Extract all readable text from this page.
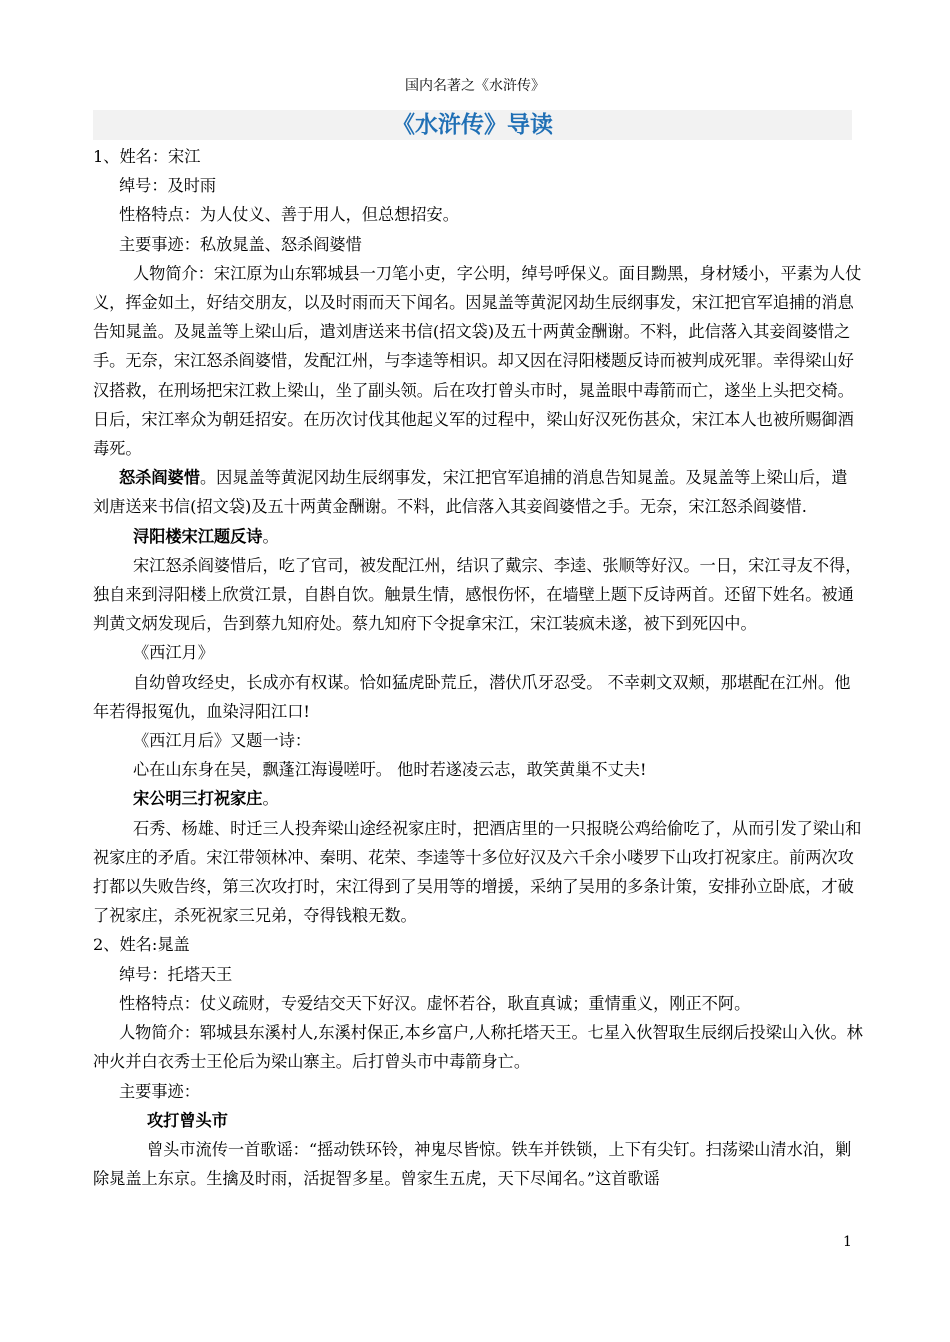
国内名著之《水浒传》
《水浒传》导读

1、姓名：宋江

绰号：及时雨

性格特点：为人仗义、善于用人，但总想招安。

主要事迹：私放晁盖、怒杀阎婆惜

人物简介：宋江原为山东郓城县一刀笔小吏，字公明，绰号呼保义。面目黝黑，身材矮小，平素为人仗义，挥金如土，好结交朋友，以及时雨而天下闻名。因晁盖等黄泥冈劫生辰纲事发，宋江把官军追捕的消息告知晁盖。及晁盖等上梁山后，遣刘唐送来书信(招文袋)及五十两黄金酬谢。不料，此信落入其妾阎婆惜之手。无奈，宋江怒杀阎婆惜，发配江州，与李逵等相识。却又因在浔阳楼题反诗而被判成死罪。幸得梁山好汉搭救，在刑场把宋江救上梁山，坐了副头领。后在攻打曾头市时，晁盖眼中毒箭而亡，遂坐上头把交椅。日后，宋江率众为朝廷招安。在历次讨伐其他起义军的过程中，梁山好汉死伤甚众，宋江本人也被所赐御酒毒死。

怒杀阎婆惜。因晁盖等黄泥冈劫生辰纲事发，宋江把官军追捕的消息告知晁盖。及晁盖等上梁山后，遣刘唐送来书信(招文袋)及五十两黄金酬谢。不料，此信落入其妾阎婆惜之手。无奈，宋江怒杀阎婆惜.

浔阳楼宋江题反诗。

宋江怒杀阎婆惜后，吃了官司，被发配江州，结识了戴宗、李逵、张顺等好汉。一日，宋江寻友不得，独自来到浔阳楼上欣赏江景，自斟自饮。触景生情，感恨伤怀，在墙壁上题下反诗两首。还留下姓名。被通判黄文炳发现后，告到蔡九知府处。蔡九知府下令捉拿宋江，宋江装疯未遂，被下到死囚中。

《西江月》

自幼曾攻经史，长成亦有权谋。恰如猛虎卧荒丘，潜伏爪牙忍受。 不幸刺文双颊，那堪配在江州。他年若得报冤仇，血染浔阳江口!

《西江月后》又题一诗：

心在山东身在吴，飘蓬江海谩嗟吁。 他时若遂凌云志，敢笑黄巢不丈夫!

宋公明三打祝家庄。

石秀、杨雄、时迁三人投奔梁山途经祝家庄时，把酒店里的一只报晓公鸡给偷吃了，从而引发了梁山和祝家庄的矛盾。宋江带领林冲、秦明、花荣、李逵等十多位好汉及六千余小喽罗下山攻打祝家庄。前两次攻打都以失败告终，第三次攻打时，宋江得到了吴用等的增援，采纳了吴用的多条计策，安排孙立卧底，才破了祝家庄，杀死祝家三兄弟，夺得钱粮无数。

2、姓名:晁盖

绰号：托塔天王

性格特点：仗义疏财，专爱结交天下好汉。虚怀若谷，耿直真诚；重情重义，刚正不阿。

人物简介：郓城县东溪村人,东溪村保正,本乡富户,人称托塔天王。七星入伙智取生辰纲后投梁山入伙。林冲火并白衣秀士王伦后为梁山寨主。后打曾头市中毒箭身亡。

主要事迹：

攻打曾头市

曾头市流传一首歌谣：“摇动铁环铃，神鬼尽皆惊。铁车并铁锁，上下有尖钉。扫荡梁山清水泊，剿除晁盖上东京。生擒及时雨，活捉智多星。曾家生五虎，天下尽闻名。”这首歌谣

1
